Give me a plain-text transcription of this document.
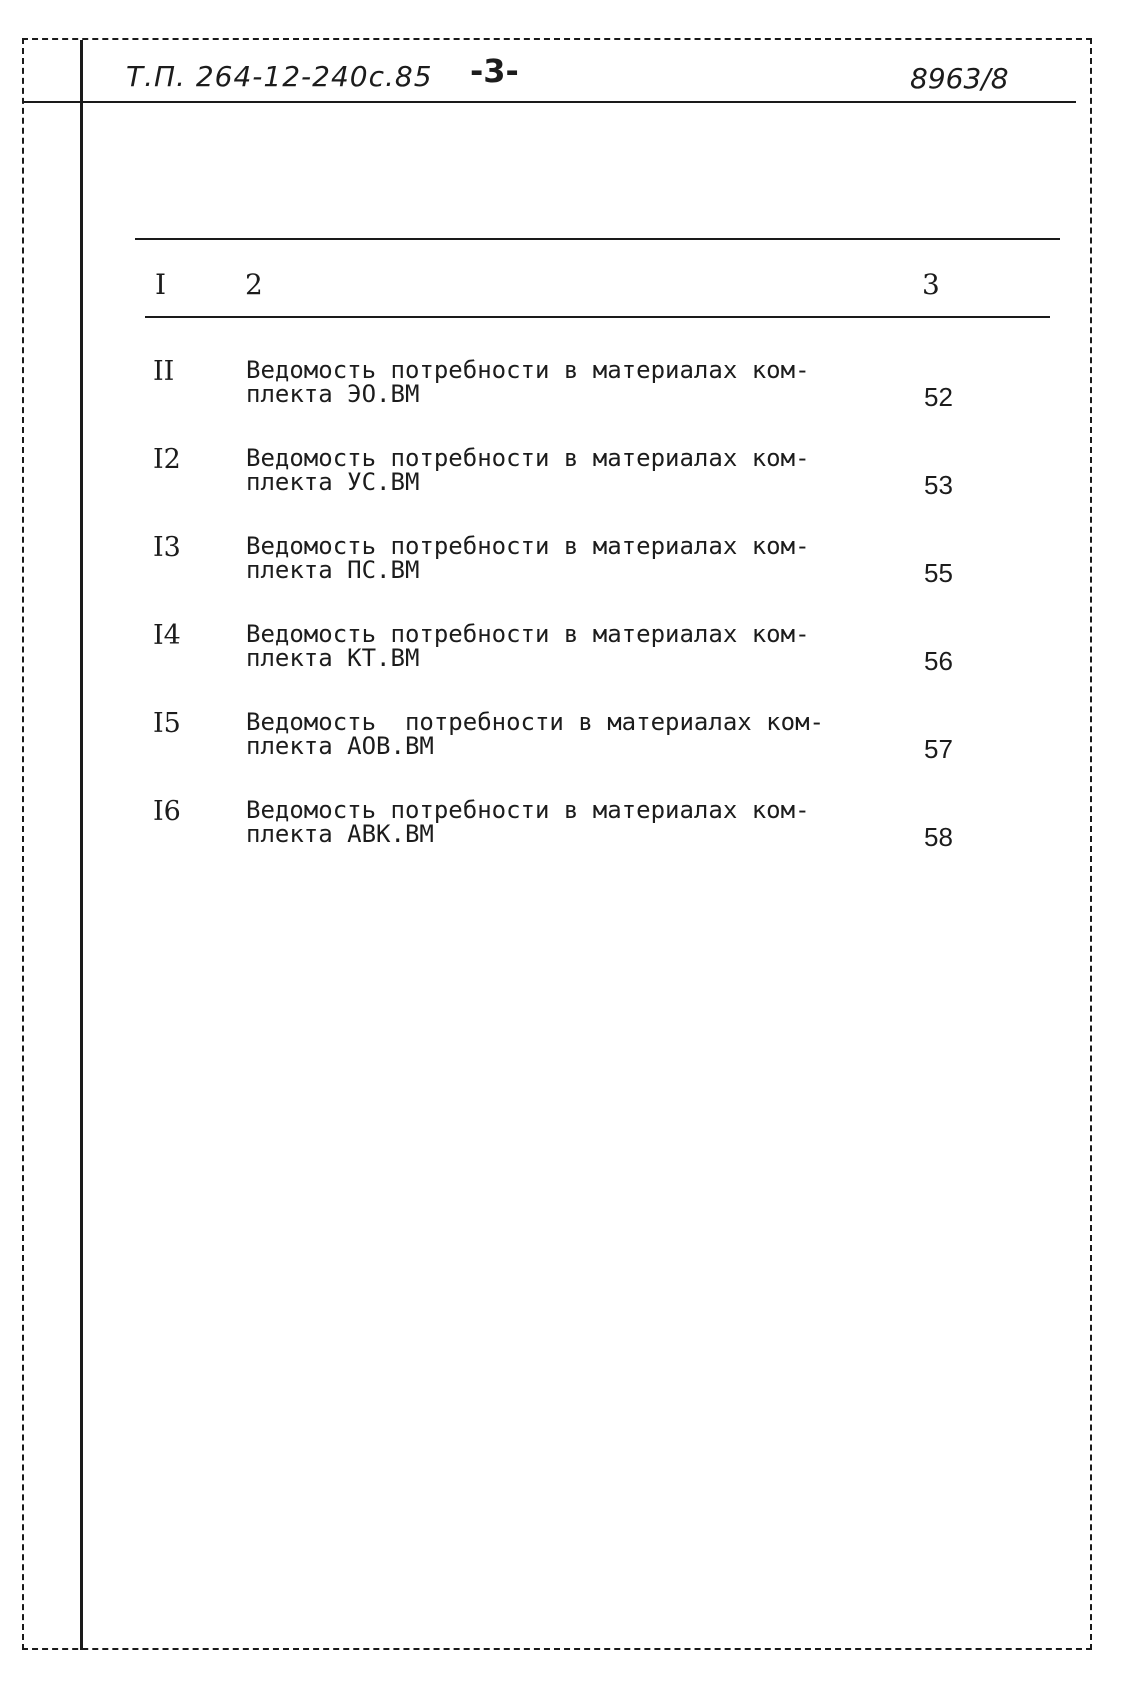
Т.П. 264-12-240с.85 -3-	8963/8
I	2	3
II	Ведомость потребности в материалах ком-
плекта ЭО.ВМ	52
I2	Ведомость потребности в материалах ком-
плекта УС.ВМ	53
I3	Ведомость потребности в материалах ком-
плекта ПС.ВМ	55
I4	Ведомость потребности в материалах ком-
плекта КТ.ВМ	56
I5	Ведомость  потребности в материалах ком-
плекта АОВ.ВМ	57
I6	Ведомость потребности в материалах ком-
плекта АВК.ВМ	58
